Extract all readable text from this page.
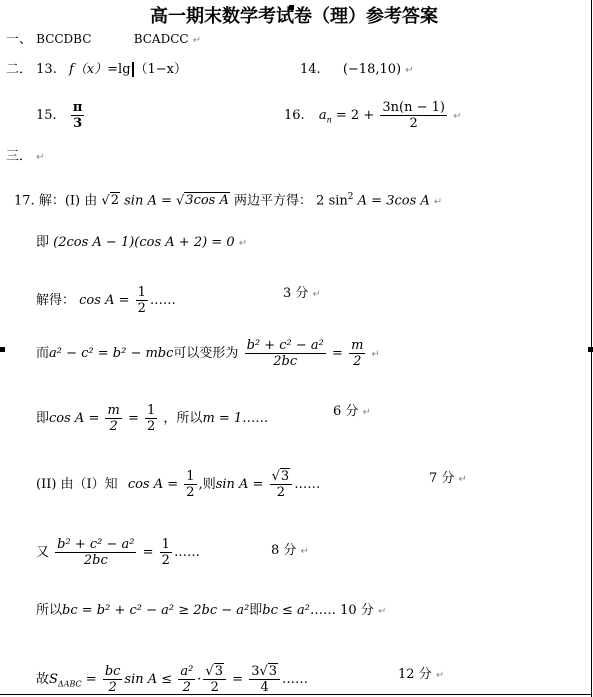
高一期末数学考试卷（理）参考答案
一、 BCCDBC	BCADCC ↵
二． 13. f（x）=lg （1−x）	14. (−18,10) ↵
15. $\frac{\pi}{3}$	16. $a_n = 2 + \frac{3n(n - 1)}{2}$ ↵
三． ↵
17. 解：(I) 由 √2 sin A = √3cos A 两边平方得： 2 $\sin^2 A = 3\cos$ A ↵
即 (2cos A − 1)(cos A + 2) = 0 ↵
解得： $\cos A = \frac{1}{2}$ ……	3 分 ↵
而a² − c² = b² − mbc可以变形为 $\frac{\text{b² + c² − a²}}{2bc} = \frac{m}{2}$ ↵
即$\cos A = \frac{m}{2} = \frac{1}{2}$ ，所以m = 1……	6 分 ↵
(II) 由（I）知 $\cos A = \frac{1}{2}$ ,则$\sin A = \frac{√3}{2}$ ……	7 分 ↵
又 $\frac{\text{b² + c² − a²}}{2bc} = \frac{1}{2}$ ……	8 分 ↵
所以bc = b² + c² − a² ≥ 2bc − a²即bc ≤ a²…… 10 分 ↵
故$S_{\Delta ABC} = \frac{bc}{2}$ $\sin A \le \frac{\text{a²}}{2} \cdot \frac{√3}{2} = \frac{3√3}{4}$ ……	12 分 ↵
